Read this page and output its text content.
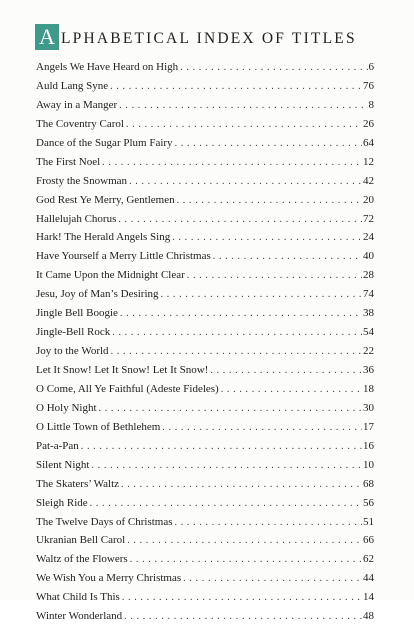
A LPHABETICAL INDEX OF TITLES
Angels We Have Heard on High . . .	6
Auld Lang Syne . . .	76
Away in a Manger . . .	8
The Coventry Carol . . .	26
Dance of the Sugar Plum Fairy . . .	64
The First Noel . . .	12
Frosty the Snowman . . .	42
God Rest Ye Merry, Gentlemen . . .	20
Hallelujah Chorus . . .	72
Hark! The Herald Angels Sing . . .	24
Have Yourself a Merry Little Christmas . . .	40
It Came Upon the Midnight Clear . . .	28
Jesu, Joy of Man’s Desiring . . .	74
Jingle Bell Boogie . . .	38
Jingle-Bell Rock . . .	54
Joy to the World . . .	22
Let It Snow! Let It Snow! Let It Snow! . . .	36
O Come, All Ye Faithful (Adeste Fideles) . . .	18
O Holy Night . . .	30
O Little Town of Bethlehem . . .	17
Pat-a-Pan . . .	16
Silent Night . . .	10
The Skaters’ Waltz . . .	68
Sleigh Ride . . .	56
The Twelve Days of Christmas . . .	51
Ukranian Bell Carol . . .	66
Waltz of the Flowers . . .	62
We Wish You a Merry Christmas . . .	44
What Child Is This . . .	14
Winter Wonderland . . .	48
